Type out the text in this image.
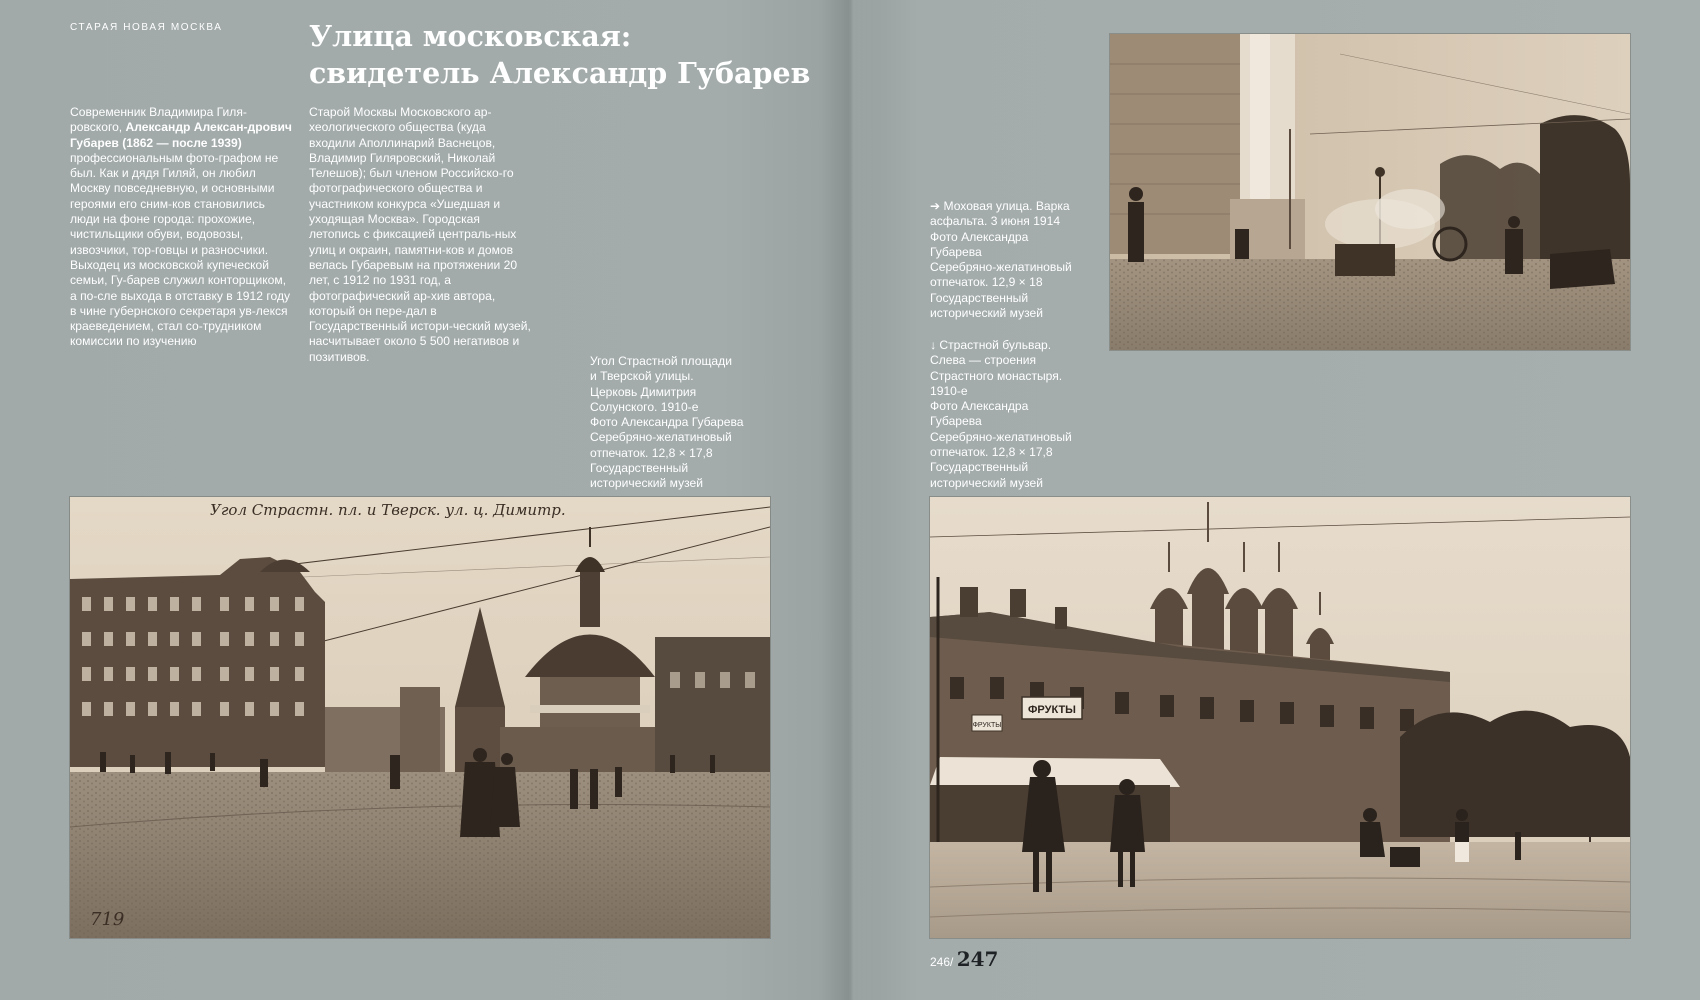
СТАРАЯ НОВАЯ МОСКВА	Улица московская:
свидетель Александр Губарев
Современник Владимира Гиля-ровского, Александр Алексан-дрович Губарев (1862 — после 1939) профессиональным фото-графом не был. Как и дядя Гиляй, он любил Москву повседневную, и основными героями его сним-ков становились люди на фоне города: прохожие, чистильщики обуви, водовозы, извозчики, тор-говцы и разносчики. Выходец из московской купеческой семьи, Гу-барев служил конторщиком, а по-сле выхода в отставку в 1912 году в чине губернского секретаря ув-лекся краеведением, стал со-трудником комиссии по изучению
Старой Москвы Московского ар-хеологического общества (куда входили Аполлинарий Васнецов, Владимир Гиляровский, Николай Телешов); был членом Российско-го фотографического общества и участником конкурса «Ушедшая и уходящая Москва». Городская летопись с фиксацией централь-ных улиц и окраин, памятни-ков и домов велась Губаревым на протяжении 20 лет, с 1912 по 1931 год, а фотографический ар-хив автора, который он пере-дал в Государственный истори-ческий музей, насчитывает около 5 500 негативов и позитивов.	Угол Страстной площади
и Тверской улицы.
Церковь Димитрия
Солунского. 1910-е
Фото Александра Губарева
Серебряно-желатиновый
отпечаток. 12,8 × 17,8
Государственный
исторический музей
➔ Моховая улица. Варка
асфальта. 3 июня 1914
Фото Александра
Губарева
Серебряно-желатиновый
отпечаток. 12,9 × 18
Государственный
исторический музей
↓ Страстной бульвар.
Слева — строения
Страстного монастыря.
1910-е
Фото Александра
Губарева
Серебряно-желатиновый
отпечаток. 12,8 × 17,8
Государственный
исторический музей
Угол Страстн. пл. и Тверск. ул. ц. Димитр.
719
ФРУКТЫ
ФРУКТЫ
246/ 247
